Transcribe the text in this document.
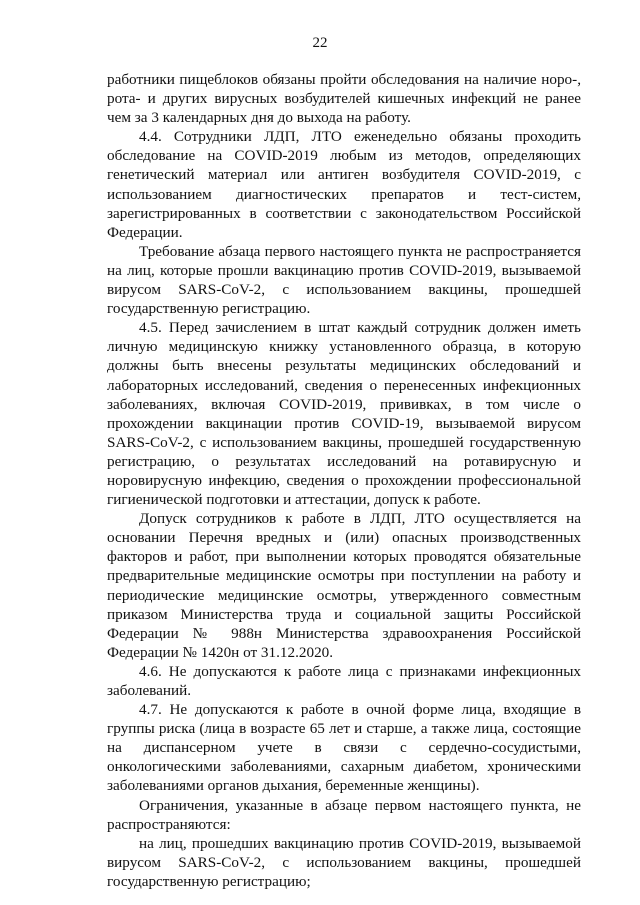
22

работники пищеблоков обязаны пройти обследования на наличие норо-, рота- и других вирусных возбудителей кишечных инфекций не ранее чем за 3 календарных дня до выхода на работу.

4.4. Сотрудники ЛДП, ЛТО еженедельно обязаны проходить обследование на COVID-2019 любым из методов, определяющих генетический материал или антиген возбудителя COVID-2019, с использованием диагностических препаратов и тест-систем, зарегистрированных в соответствии с законодательством Российской Федерации.

Требование абзаца первого настоящего пункта не распространяется на лиц, которые прошли вакцинацию против COVID-2019, вызываемой вирусом SARS-CoV-2, с использованием вакцины, прошедшей государственную регистрацию.

4.5. Перед зачислением в штат каждый сотрудник должен иметь личную медицинскую книжку установленного образца, в которую должны быть внесены результаты медицинских обследований и лабораторных исследований, сведения о перенесенных инфекционных заболеваниях, включая COVID-2019, прививках, в том числе о прохождении вакцинации против COVID-19, вызываемой вирусом SARS-CoV-2, с использованием вакцины, прошедшей государственную регистрацию, о результатах исследований на ротавирусную и норовирусную инфекцию, сведения о прохождении профессиональной гигиенической подготовки и аттестации, допуск к работе.

Допуск сотрудников к работе в ЛДП, ЛТО осуществляется на основании Перечня вредных и (или) опасных производственных факторов и работ, при выполнении которых проводятся обязательные предварительные медицинские осмотры при поступлении на работу и периодические медицинские осмотры, утвержденного совместным приказом Министерства труда и социальной защиты Российской Федерации № 988н Министерства здравоохранения Российской Федерации № 1420н от 31.12.2020.

4.6. Не допускаются к работе лица с признаками инфекционных заболеваний.

4.7. Не допускаются к работе в очной форме лица, входящие в группы риска (лица в возрасте 65 лет и старше, а также лица, состоящие на диспансерном учете в связи с сердечно-сосудистыми, онкологическими заболеваниями, сахарным диабетом, хроническими заболеваниями органов дыхания, беременные женщины).

Ограничения, указанные в абзаце первом настоящего пункта, не распространяются:

на лиц, прошедших вакцинацию против COVID-2019, вызываемой вирусом SARS-CoV-2, с использованием вакцины, прошедшей государственную регистрацию;
